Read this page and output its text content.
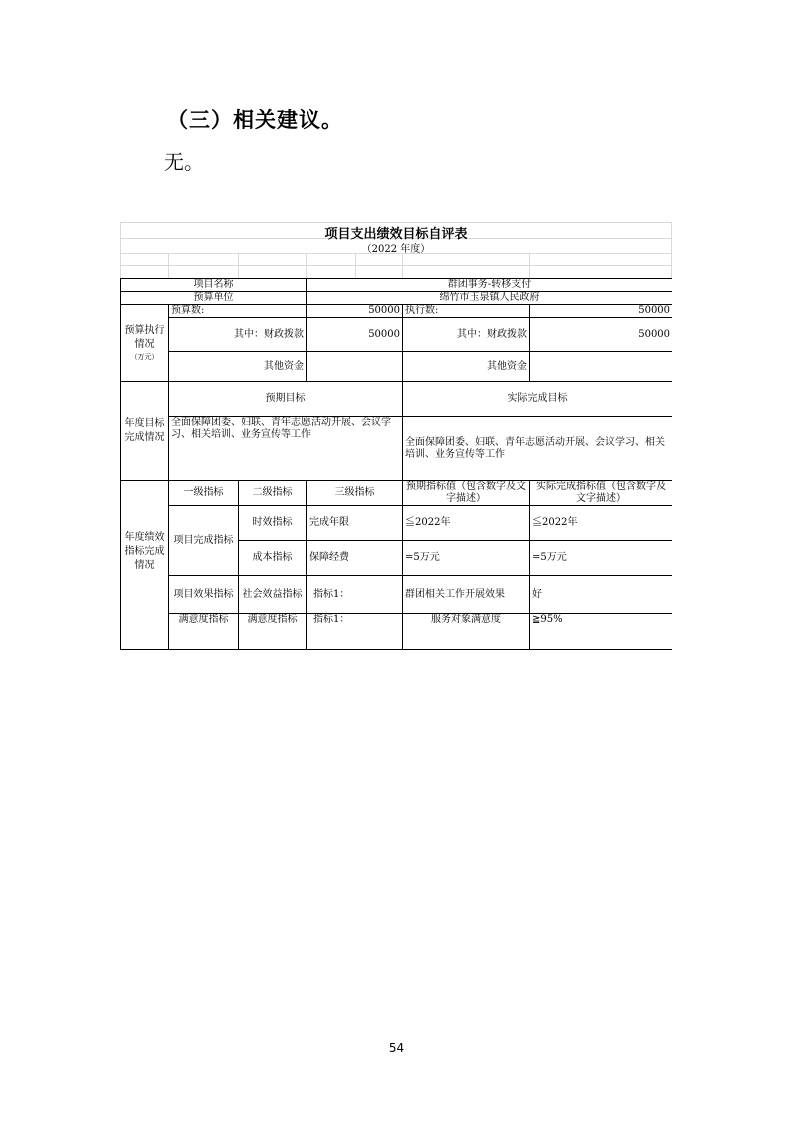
（三）相关建议。
无。
项目支出绩效目标自评表
（2022 年度）
项目名称			群团事务-转移支付		
预算单位			绵竹市玉泉镇人民政府		
预算执行情况
（万元）	预算数:		50000	执行数:	50000
	其中：财政拨款		50000	其中：财政拨款	50000
	其他资金			其他资金	
年度目标完成情况	预期目标			实际完成目标	
	全面保障团委、妇联、青年志愿活动开展、会议学习、相关培训、业务宣传等工作			全面保障团委、妇联、青年志愿活动开展、会议学习、相关培训、业务宣传等工作	
年度绩效指标完成情况	一级指标	二级指标	三级指标	预期指标值（包含数字及文字描述）	实际完成指标值（包含数字及文字描述）
	项目完成指标	时效指标	完成年限	≦2022年	≦2022年
		成本指标	保障经费	=5万元	=5万元
	项目效果指标	社会效益指标	指标1：	群团相关工作开展效果	好
	满意度指标	满意度指标	指标1：	服务对象满意度	≧95%
54
